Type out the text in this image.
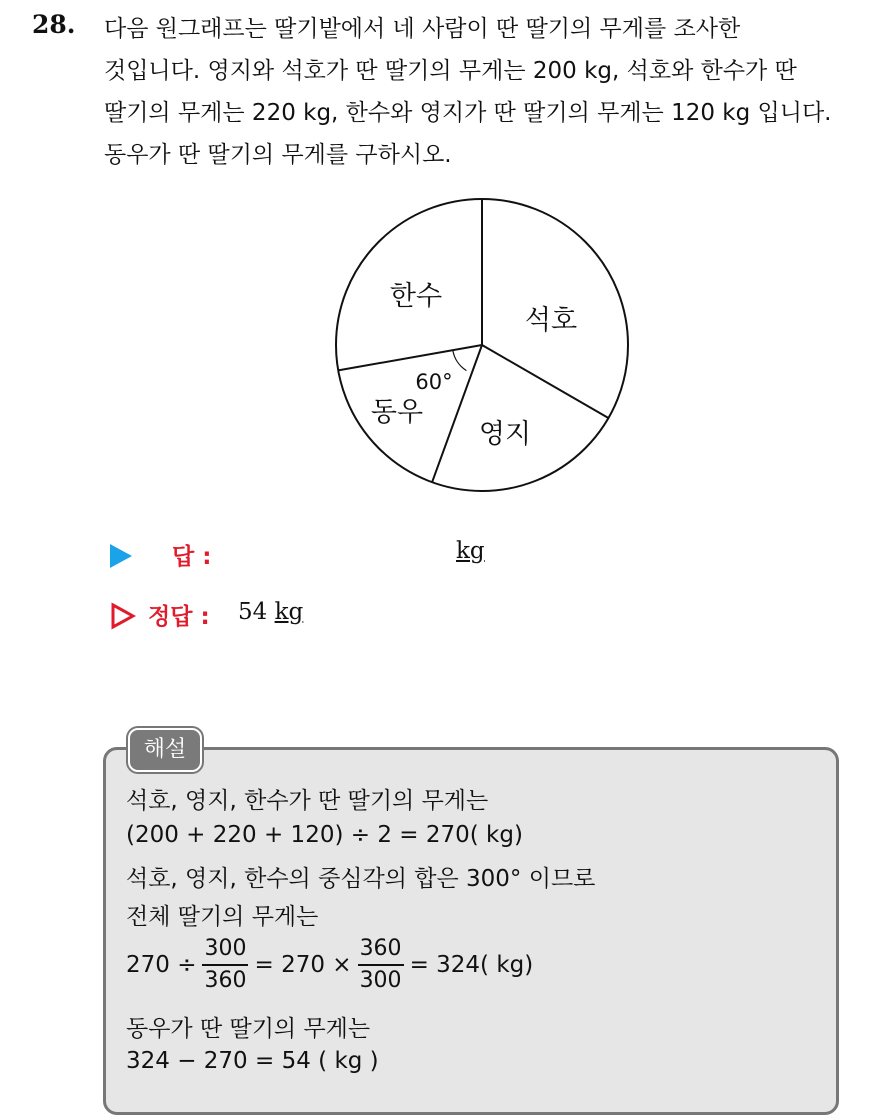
28. 다음 원그래프는 딸기밭에서 네 사람이 딴 딸기의 무게를 조사한
것입니다. 영지와 석호가 딴 딸기의 무게는 200 kg, 석호와 한수가 딴
딸기의 무게는 220 kg, 한수와 영지가 딴 딸기의 무게는 120 kg 입니다.
동우가 딴 딸기의 무게를 구하시오.
석호
영지
동우
한수
60°
답 :	kg
정답 : 54 kg
해설
석호, 영지, 한수가 딴 딸기의 무게는
(200 + 220 + 120) ÷ 2 = 270( kg)
석호, 영지, 한수의 중심각의 합은 300° 이므로
전체 딸기의 무게는
$270 \div \frac{300}{360} = 270 \times \frac{360}{300} = 324$( kg)
동우가 딴 딸기의 무게는
324 − 270 = 54 ( kg )
